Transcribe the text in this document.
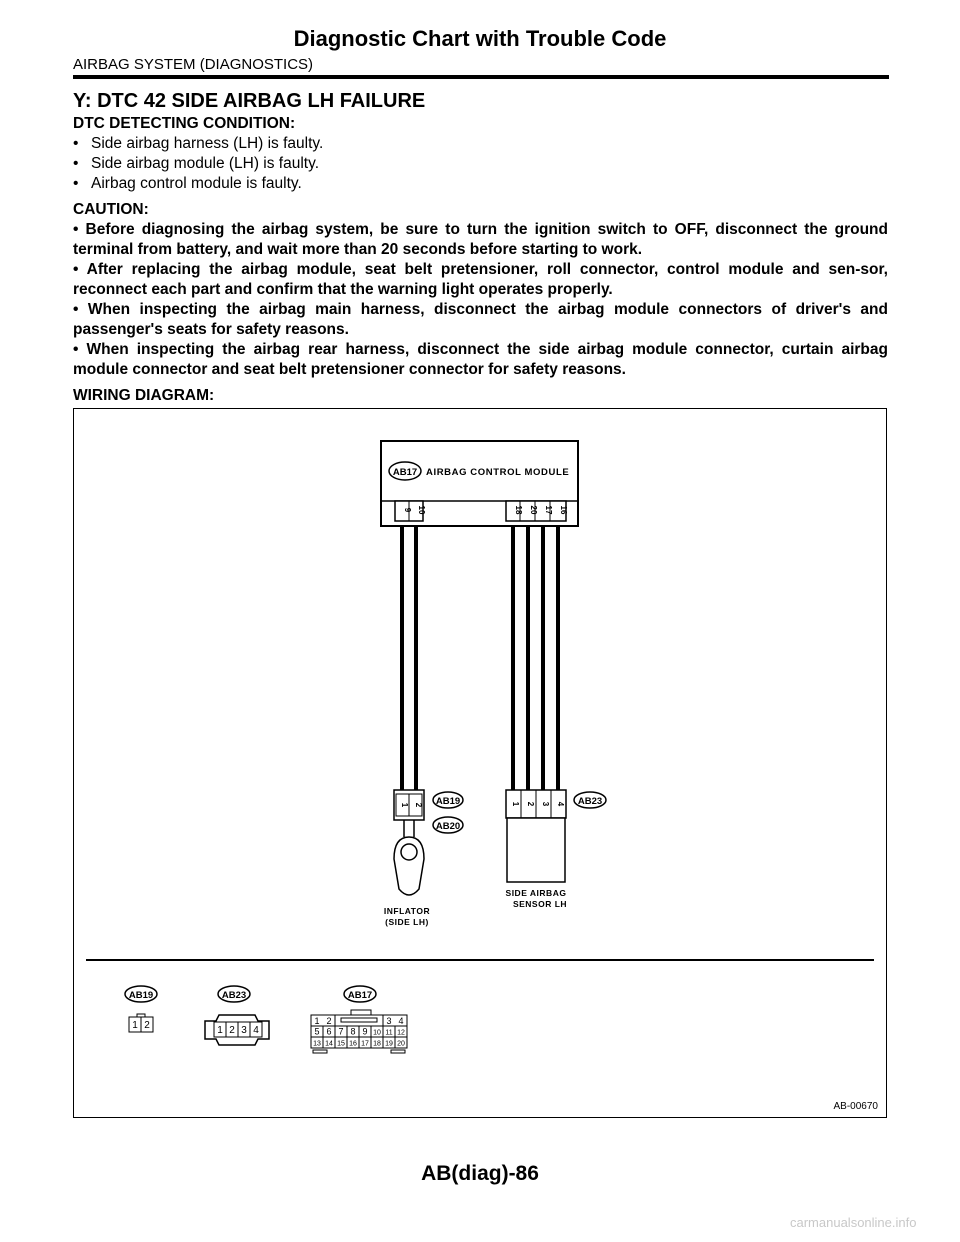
Diagnostic Chart with Trouble Code
AIRBAG SYSTEM (DIAGNOSTICS)
Y: DTC 42 SIDE AIRBAG LH FAILURE
DTC DETECTING CONDITION:
• Side airbag harness (LH) is faulty.
• Side airbag module (LH) is faulty.
• Airbag control module is faulty.
CAUTION:
• Before diagnosing the airbag system, be sure to turn the ignition switch to OFF, disconnect the ground terminal from battery, and wait more than 20 seconds before starting to work.
• After replacing the airbag module, seat belt pretensioner, roll connector, control module and sen-sor, reconnect each part and confirm that the warning light operates properly.
• When inspecting the airbag main harness, disconnect the airbag module connectors of driver's and passenger's seats for safety reasons.
• When inspecting the airbag rear harness, disconnect the side airbag module connector, curtain airbag module connector and seat belt pretensioner connector for safety reasons.
WIRING DIAGRAM:
AB17 AIRBAG CONTROL MODULE
9 10	18 20 17 16
1 2 AB19
AB20
INFLATOR
(SIDE LH)
1 2 3 4 AB23
SIDE AIRBAG
SENSOR LH
AB19
1 2
AB23
1 2 3 4
AB17
1 2	3 4
5 6 7 8 9 10 11 12
13 14 15 16 17 18 19 20
AB-00670
AB(diag)-86
carmanualsonline.info
